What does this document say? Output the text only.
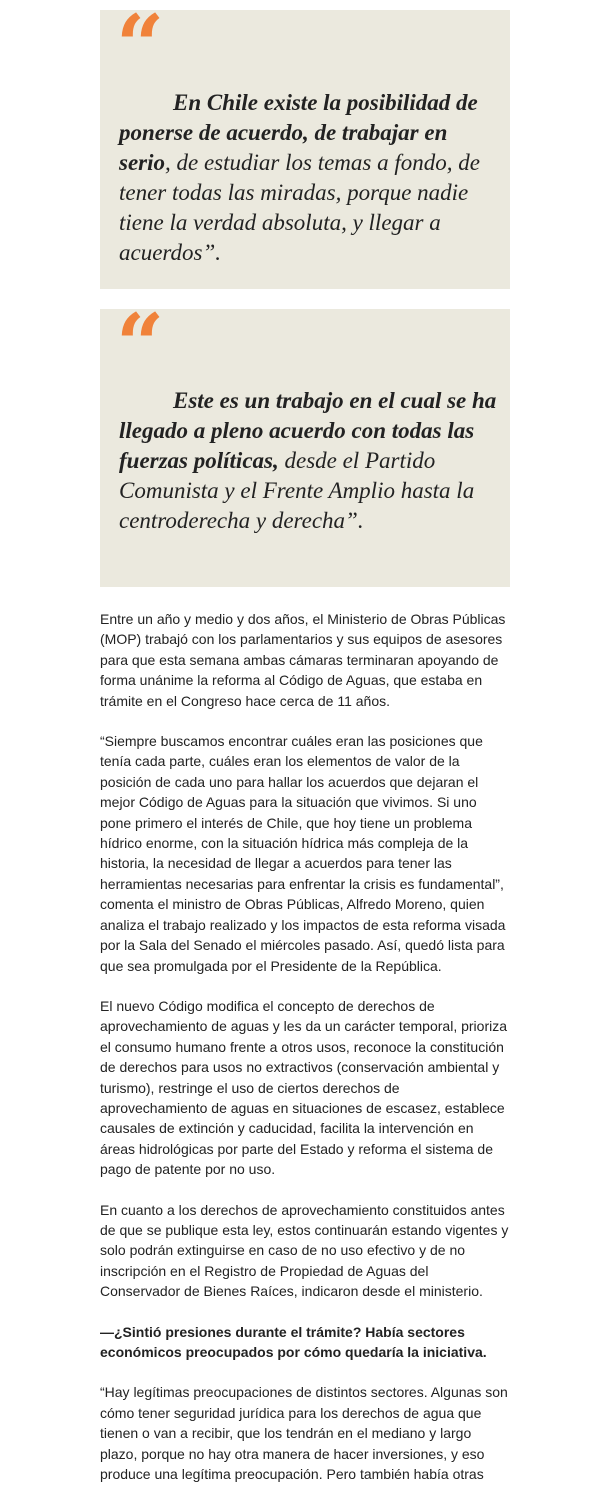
“

En Chile existe la posibilidad de ponerse de acuerdo, de trabajar en serio, de estudiar los temas a fondo, de tener todas las miradas, porque nadie tiene la verdad absoluta, y llegar a acuerdos”.

“

Este es un trabajo en el cual se ha llegado a pleno acuerdo con todas las fuerzas políticas, desde el Partido Comunista y el Frente Amplio hasta la centroderecha y derecha”.

Entre un año y medio y dos años, el Ministerio de Obras Públicas (MOP) trabajó con los parlamentarios y sus equipos de asesores para que esta semana ambas cámaras terminaran apoyando de forma unánime la reforma al Código de Aguas, que estaba en trámite en el Congreso hace cerca de 11 años.

“Siempre buscamos encontrar cuáles eran las posiciones que tenía cada parte, cuáles eran los elementos de valor de la posición de cada uno para hallar los acuerdos que dejaran el mejor Código de Aguas para la situación que vivimos. Si uno pone primero el interés de Chile, que hoy tiene un problema hídrico enorme, con la situación hídrica más compleja de la historia, la necesidad de llegar a acuerdos para tener las herramientas necesarias para enfrentar la crisis es fundamental”, comenta el ministro de Obras Públicas, Alfredo Moreno, quien analiza el trabajo realizado y los impactos de esta reforma visada por la Sala del Senado el miércoles pasado. Así, quedó lista para que sea promulgada por el Presidente de la República.

El nuevo Código modifica el concepto de derechos de aprovechamiento de aguas y les da un carácter temporal, prioriza el consumo humano frente a otros usos, reconoce la constitución de derechos para usos no extractivos (conservación ambiental y turismo), restringe el uso de ciertos derechos de aprovechamiento de aguas en situaciones de escasez, establece causales de extinción y caducidad, facilita la intervención en áreas hidrológicas por parte del Estado y reforma el sistema de pago de patente por no uso.

En cuanto a los derechos de aprovechamiento constituidos antes de que se publique esta ley, estos continuarán estando vigentes y solo podrán extinguirse en caso de no uso efectivo y de no inscripción en el Registro de Propiedad de Aguas del Conservador de Bienes Raíces, indicaron desde el ministerio.

—¿Sintió presiones durante el trámite? Había sectores económicos preocupados por cómo quedaría la iniciativa.

“Hay legítimas preocupaciones de distintos sectores. Algunas son cómo tener seguridad jurídica para los derechos de agua que tienen o van a recibir, que los tendrán en el mediano y largo plazo, porque no hay otra manera de hacer inversiones, y eso produce una legítima preocupación. Pero también había otras
